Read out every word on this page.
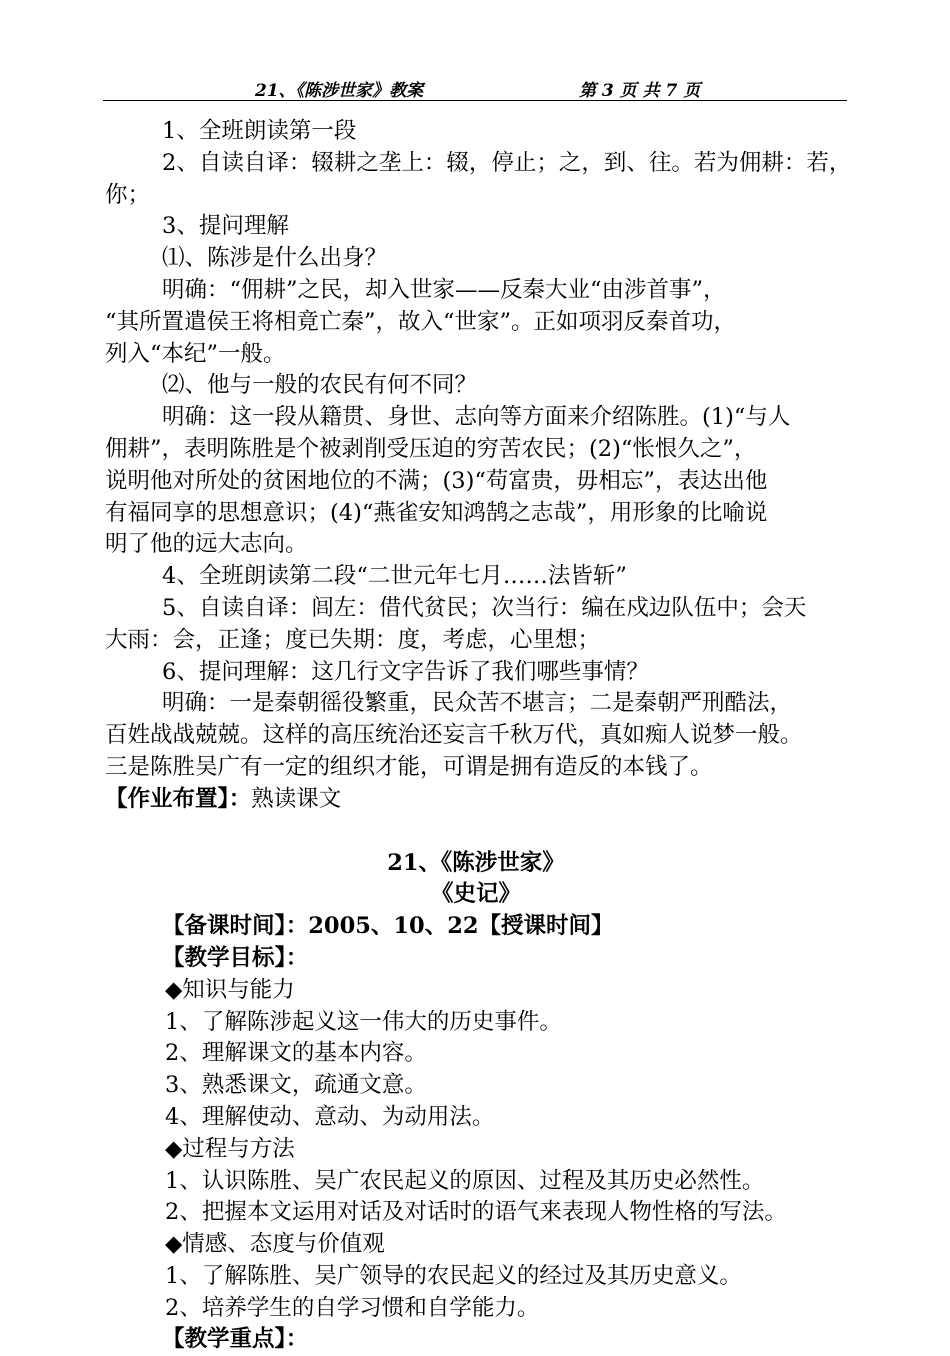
21、《陈涉世家》教案	第 3 页 共 7 页
1、全班朗读第一段
2、自读自译：辍耕之垄上：辍，停止；之，到、往。若为佣耕：若，
你；
3、提问理解
⑴、陈涉是什么出身？
明确：“佣耕”之民，却入世家——反秦大业“由涉首事”，
“其所置遣侯王将相竟亡秦”，故入“世家”。正如项羽反秦首功，
列入“本纪”一般。
⑵、他与一般的农民有何不同？
明确：这一段从籍贯、身世、志向等方面来介绍陈胜。(1)“与人
佣耕”，表明陈胜是个被剥削受压迫的穷苦农民；(2)“怅恨久之”，
说明他对所处的贫困地位的不满；(3)“苟富贵，毋相忘”，表达出他
有福同享的思想意识；(4)“燕雀安知鸿鹄之志哉”，用形象的比喻说
明了他的远大志向。
4、全班朗读第二段“二世元年七月……法皆斩”
5、自读自译：闾左：借代贫民；次当行：编在戍边队伍中；会天
大雨：会，正逢；度已失期：度，考虑，心里想；
6、提问理解：这几行文字告诉了我们哪些事情？
明确：一是秦朝徭役繁重，民众苦不堪言；二是秦朝严刑酷法，
百姓战战兢兢。这样的高压统治还妄言千秋万代，真如痴人说梦一般。
三是陈胜吴广有一定的组织才能，可谓是拥有造反的本钱了。
【作业布置】：熟读课文
21、《陈涉世家》
《史记》
【备课时间】：2005、10、22【授课时间】
【教学目标】：
◆知识与能力
1、了解陈涉起义这一伟大的历史事件。
2、理解课文的基本内容。
3、熟悉课文，疏通文意。
4、理解使动、意动、为动用法。
◆过程与方法
1、认识陈胜、吴广农民起义的原因、过程及其历史必然性。
2、把握本文运用对话及对话时的语气来表现人物性格的写法。
◆情感、态度与价值观
1、了解陈胜、吴广领导的农民起义的经过及其历史意义。
2、培养学生的自学习惯和自学能力。
【教学重点】：
